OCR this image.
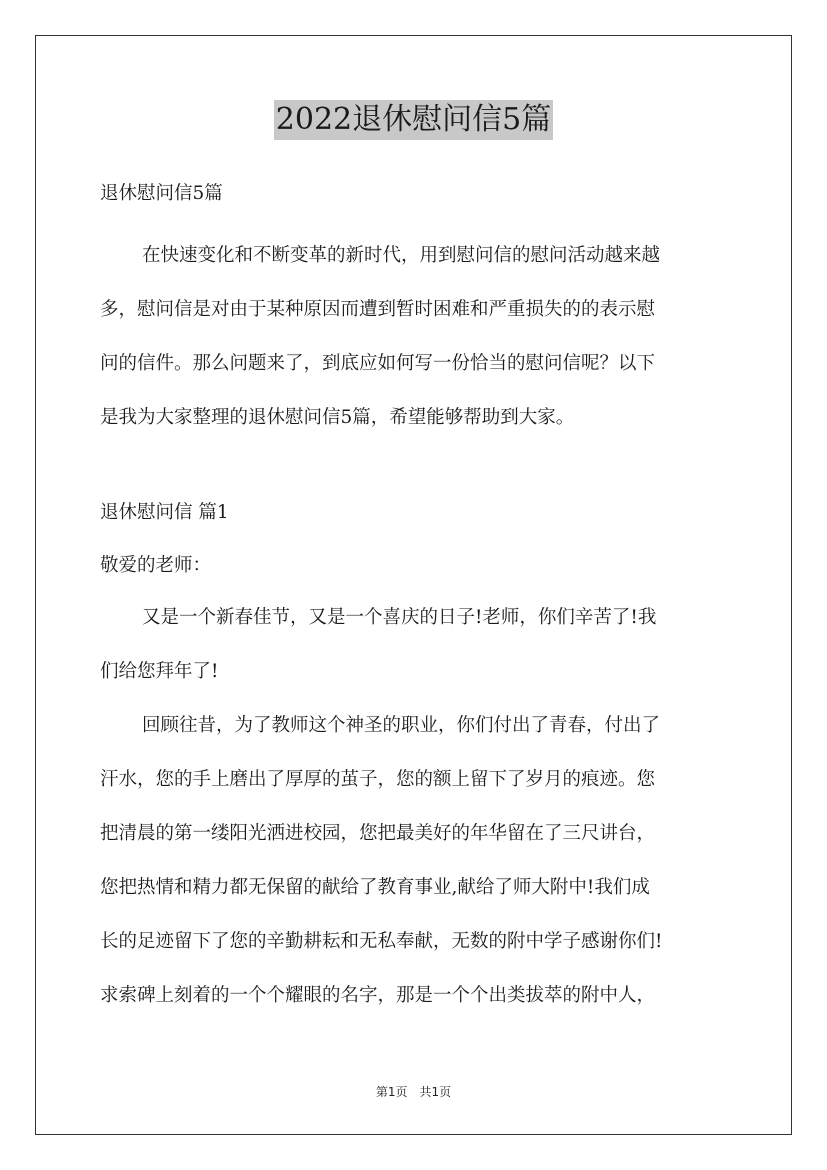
2022退休慰问信5篇
退休慰问信5篇
在快速变化和不断变革的新时代，用到慰问信的慰问活动越来越
多，慰问信是对由于某种原因而遭到暂时困难和严重损失的的表示慰
问的信件。那么问题来了，到底应如何写一份恰当的慰问信呢？以下
是我为大家整理的退休慰问信5篇，希望能够帮助到大家。
退休慰问信 篇1
敬爱的老师：
又是一个新春佳节，又是一个喜庆的日子!老师，你们辛苦了!我
们给您拜年了!
回顾往昔，为了教师这个神圣的职业，你们付出了青春，付出了
汗水，您的手上磨出了厚厚的茧子，您的额上留下了岁月的痕迹。您
把清晨的第一缕阳光洒进校园，您把最美好的年华留在了三尺讲台，
您把热情和精力都无保留的献给了教育事业,献给了师大附中!我们成
长的足迹留下了您的辛勤耕耘和无私奉献，无数的附中学子感谢你们!
求索碑上刻着的一个个耀眼的名字，那是一个个出类拔萃的附中人，
第1页　共1页
